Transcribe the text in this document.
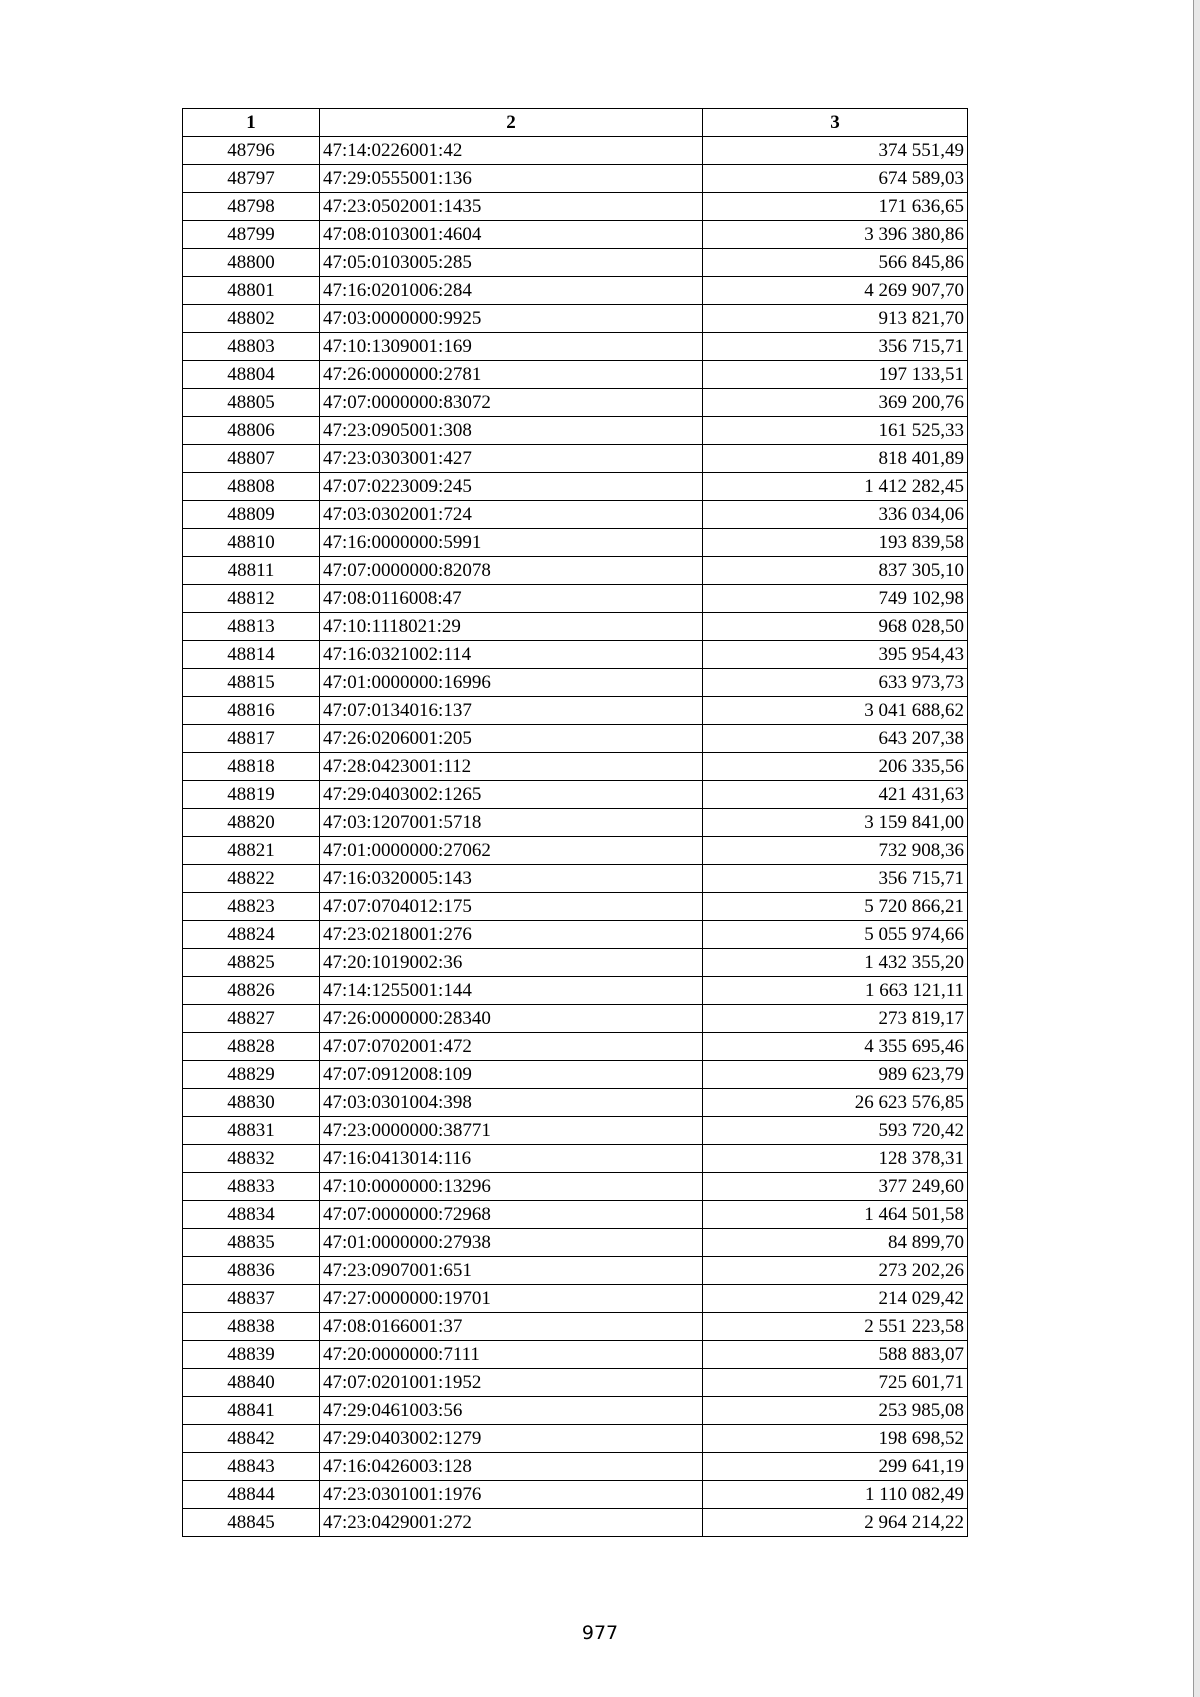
1	2	3
48796	47:14:0226001:42	374 551,49
48797	47:29:0555001:136	674 589,03
48798	47:23:0502001:1435	171 636,65
48799	47:08:0103001:4604	3 396 380,86
48800	47:05:0103005:285	566 845,86
48801	47:16:0201006:284	4 269 907,70
48802	47:03:0000000:9925	913 821,70
48803	47:10:1309001:169	356 715,71
48804	47:26:0000000:2781	197 133,51
48805	47:07:0000000:83072	369 200,76
48806	47:23:0905001:308	161 525,33
48807	47:23:0303001:427	818 401,89
48808	47:07:0223009:245	1 412 282,45
48809	47:03:0302001:724	336 034,06
48810	47:16:0000000:5991	193 839,58
48811	47:07:0000000:82078	837 305,10
48812	47:08:0116008:47	749 102,98
48813	47:10:1118021:29	968 028,50
48814	47:16:0321002:114	395 954,43
48815	47:01:0000000:16996	633 973,73
48816	47:07:0134016:137	3 041 688,62
48817	47:26:0206001:205	643 207,38
48818	47:28:0423001:112	206 335,56
48819	47:29:0403002:1265	421 431,63
48820	47:03:1207001:5718	3 159 841,00
48821	47:01:0000000:27062	732 908,36
48822	47:16:0320005:143	356 715,71
48823	47:07:0704012:175	5 720 866,21
48824	47:23:0218001:276	5 055 974,66
48825	47:20:1019002:36	1 432 355,20
48826	47:14:1255001:144	1 663 121,11
48827	47:26:0000000:28340	273 819,17
48828	47:07:0702001:472	4 355 695,46
48829	47:07:0912008:109	989 623,79
48830	47:03:0301004:398	26 623 576,85
48831	47:23:0000000:38771	593 720,42
48832	47:16:0413014:116	128 378,31
48833	47:10:0000000:13296	377 249,60
48834	47:07:0000000:72968	1 464 501,58
48835	47:01:0000000:27938	84 899,70
48836	47:23:0907001:651	273 202,26
48837	47:27:0000000:19701	214 029,42
48838	47:08:0166001:37	2 551 223,58
48839	47:20:0000000:7111	588 883,07
48840	47:07:0201001:1952	725 601,71
48841	47:29:0461003:56	253 985,08
48842	47:29:0403002:1279	198 698,52
48843	47:16:0426003:128	299 641,19
48844	47:23:0301001:1976	1 110 082,49
48845	47:23:0429001:272	2 964 214,22
977
